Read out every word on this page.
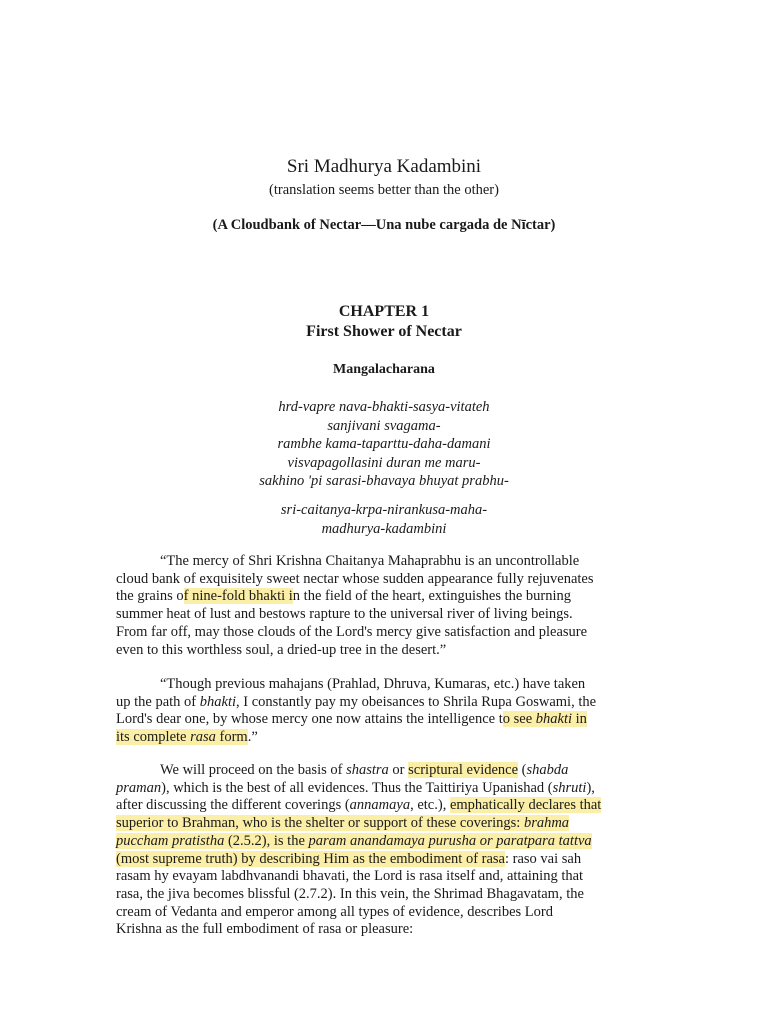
Sri Madhurya Kadambini

(translation seems better than the other)

(A Cloudbank of Nectar—Una nube cargada de Nīctar)

CHAPTER 1

First Shower of Nectar

Mangalacharana

hrd-vapre nava-bhakti-sasya-vitateh
sanjivani svagama-
rambhe kama-taparttu-daha-damani
visvapagollasini duran me maru-
sakhino 'pi sarasi-bhavaya bhuyat prabhu-
sri-caitanya-krpa-nirankusa-maha-
madhurya-kadambini
“The mercy of Shri Krishna Chaitanya Mahaprabhu is an uncontrollable
cloud bank of exquisitely sweet nectar whose sudden appearance fully rejuvenates
the grains of nine-fold bhakti in the field of the heart, extinguishes the burning
summer heat of lust and bestows rapture to the universal river of living beings.
From far off, may those clouds of the Lord's mercy give satisfaction and pleasure
even to this worthless soul, a dried-up tree in the desert.”
“Though previous mahajans (Prahlad, Dhruva, Kumaras, etc.) have taken
up the path of bhakti, I constantly pay my obeisances to Shrila Rupa Goswami, the
Lord's dear one, by whose mercy one now attains the intelligence to see bhakti in
its complete rasa form.”
We will proceed on the basis of shastra or scriptural evidence (shabda
praman), which is the best of all evidences. Thus the Taittiriya Upanishad (shruti),
after discussing the different coverings (annamaya, etc.), emphatically declares that
superior to Brahman, who is the shelter or support of these coverings: brahma
puccham pratistha (2.5.2), is the param anandamaya purusha or paratpara tattva
(most supreme truth) by describing Him as the embodiment of rasa: raso vai sah
rasam hy evayam labdhvanandi bhavati, the Lord is rasa itself and, attaining that
rasa, the jiva becomes blissful (2.7.2). In this vein, the Shrimad Bhagavatam, the
cream of Vedanta and emperor among all types of evidence, describes Lord
Krishna as the full embodiment of rasa or pleasure:
